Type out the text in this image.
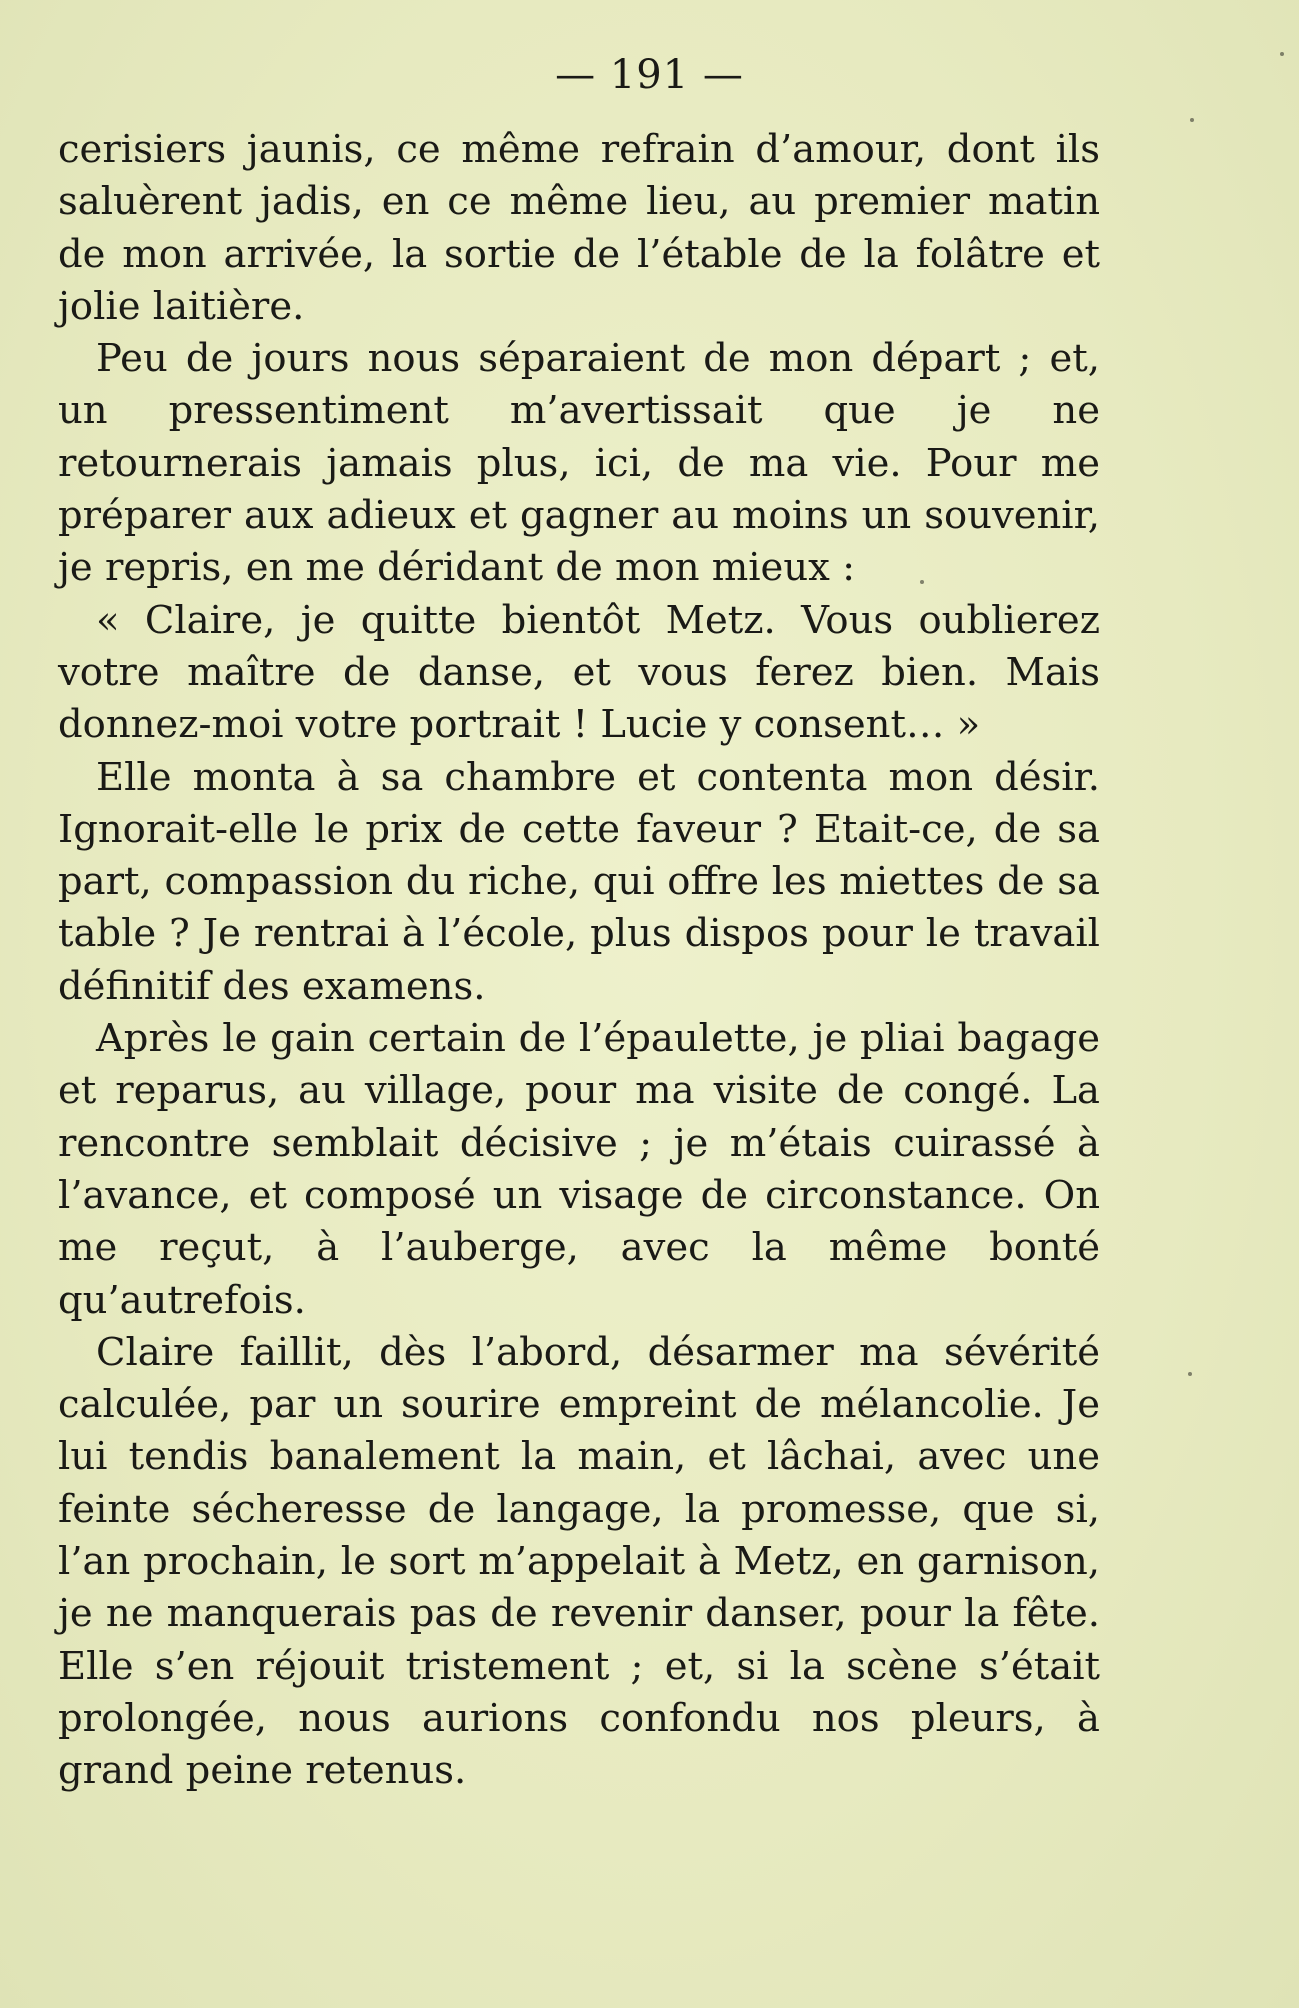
— 191 —

cerisiers jaunis, ce même refrain d’amour, dont ils saluèrent jadis, en ce même lieu, au premier matin de mon arrivée, la sortie de l’étable de la folâtre et jolie laitière.

Peu de jours nous séparaient de mon départ ; et, un pressentiment m’avertissait que je ne retournerais jamais plus, ici, de ma vie. Pour me préparer aux adieux et gagner au moins un souvenir, je repris, en me déridant de mon mieux :

« Claire, je quitte bientôt Metz. Vous oublierez votre maître de danse, et vous ferez bien. Mais donnez-moi votre portrait ! Lucie y consent… »

Elle monta à sa chambre et contenta mon désir. Ignorait-elle le prix de cette faveur ? Etait-ce, de sa part, compassion du riche, qui offre les miettes de sa table ? Je rentrai à l’école, plus dispos pour le travail définitif des examens.

Après le gain certain de l’épaulette, je pliai bagage et reparus, au village, pour ma visite de congé. La rencontre semblait décisive ; je m’étais cuirassé à l’avance, et composé un visage de circonstance. On me reçut, à l’auberge, avec la même bonté qu’autrefois.

Claire faillit, dès l’abord, désarmer ma sévérité calculée, par un sourire empreint de mélancolie. Je lui tendis banalement la main, et lâchai, avec une feinte sécheresse de langage, la promesse, que si, l’an prochain, le sort m’appelait à Metz, en garnison, je ne manquerais pas de revenir danser, pour la fête. Elle s’en réjouit tristement ; et, si la scène s’était prolongée, nous aurions confondu nos pleurs, à grand peine retenus.
